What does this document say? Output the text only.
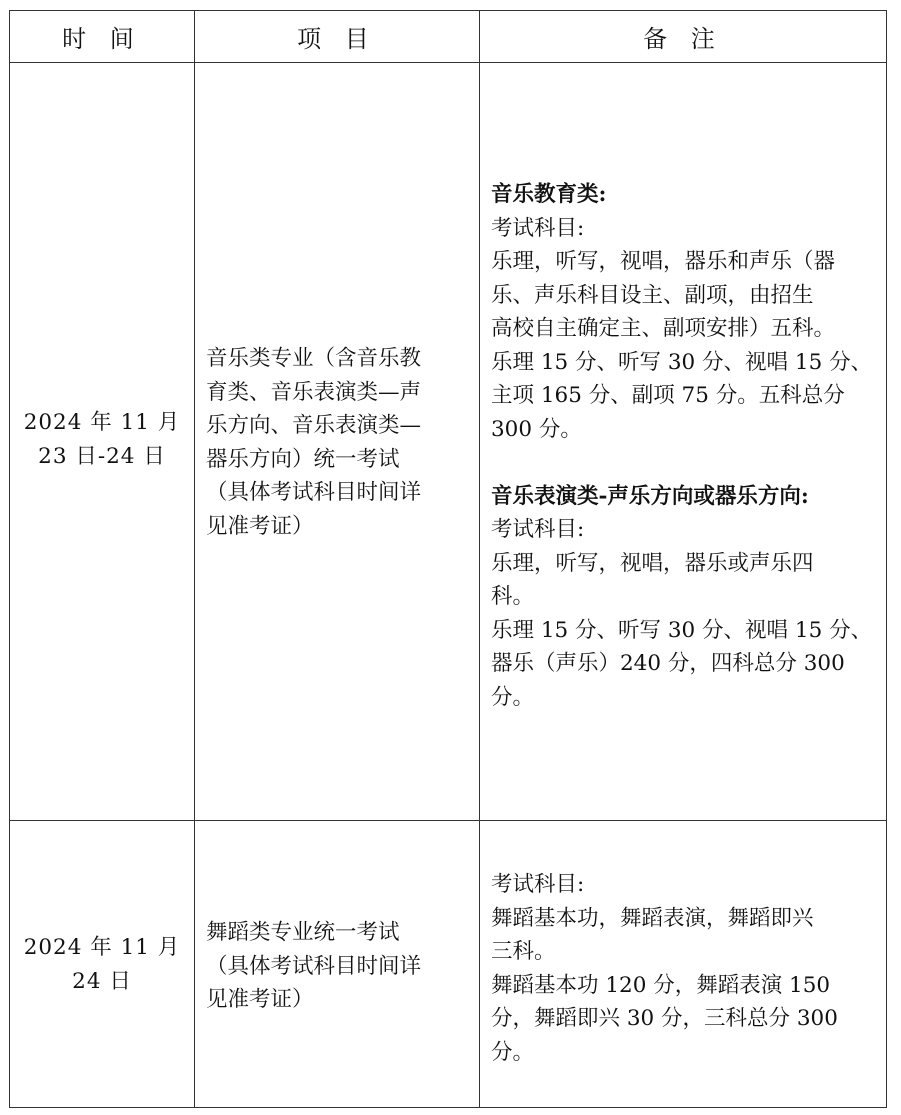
时 间	项 目	备 注
2024 年 11 月
23 日-24 日
音乐类专业（含音乐教
育类、音乐表演类—声
乐方向、音乐表演类—
器乐方向）统一考试
（具体考试科目时间详
见准考证）
音乐教育类:
考试科目:
乐理，听写，视唱，器乐和声乐（器
乐、声乐科目设主、副项，由招生
高校自主确定主、副项安排）五科。
乐理 15 分、听写 30 分、视唱 15 分、
主项 165 分、副项 75 分。五科总分
300 分。
音乐表演类-声乐方向或器乐方向:
考试科目:
乐理，听写，视唱，器乐或声乐四
科。
乐理 15 分、听写 30 分、视唱 15 分、
器乐（声乐）240 分，四科总分 300
分。
2024 年 11 月
24 日
舞蹈类专业统一考试
（具体考试科目时间详
见准考证）
考试科目:
舞蹈基本功，舞蹈表演，舞蹈即兴
三科。
舞蹈基本功 120 分，舞蹈表演 150
分，舞蹈即兴 30 分，三科总分 300
分。
